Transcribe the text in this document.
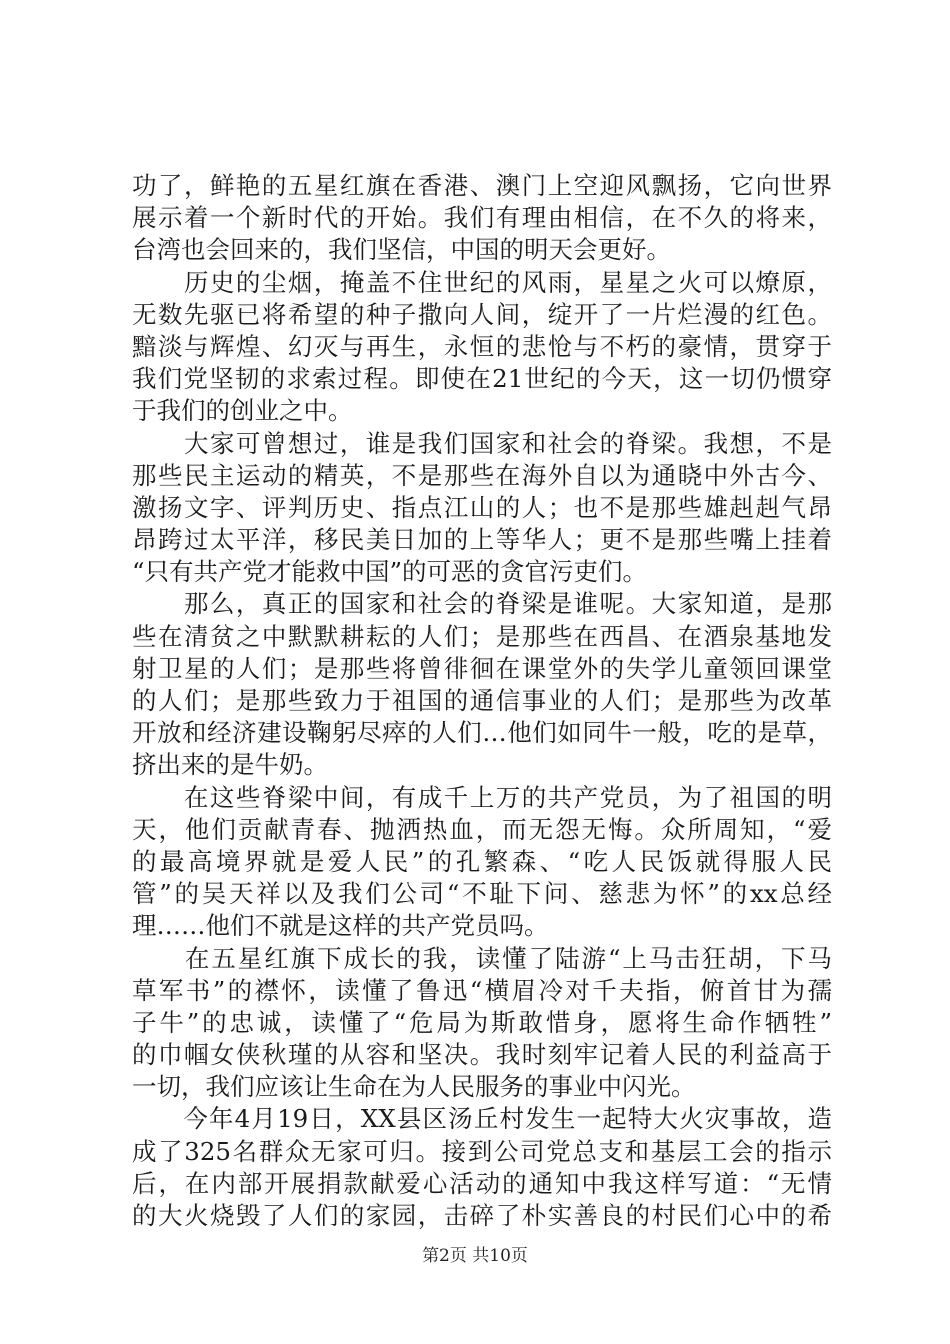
功了，鲜艳的五星红旗在香港、澳门上空迎风飘扬，它向世界
展示着一个新时代的开始。我们有理由相信，在不久的将来，
台湾也会回来的，我们坚信，中国的明天会更好。
　　历史的尘烟，掩盖不住世纪的风雨，星星之火可以燎原，
无数先驱已将希望的种子撒向人间，绽开了一片烂漫的红色。
黯淡与辉煌、幻灭与再生，永恒的悲怆与不朽的豪情，贯穿于
我们党坚韧的求索过程。即使在21世纪的今天，这一切仍惯穿
于我们的创业之中。
　　大家可曾想过，谁是我们国家和社会的脊梁。我想，不是
那些民主运动的精英，不是那些在海外自以为通晓中外古今、
激扬文字、评判历史、指点江山的人；也不是那些雄赳赳气昂
昂跨过太平洋，移民美日加的上等华人；更不是那些嘴上挂着
“只有共产党才能救中国”的可恶的贪官污吏们。
　　那么，真正的国家和社会的脊梁是谁呢。大家知道，是那
些在清贫之中默默耕耘的人们；是那些在西昌、在酒泉基地发
射卫星的人们；是那些将曾徘徊在课堂外的失学儿童领回课堂
的人们；是那些致力于祖国的通信事业的人们；是那些为改革
开放和经济建设鞠躬尽瘁的人们…他们如同牛一般，吃的是草，
挤出来的是牛奶。
　　在这些脊梁中间，有成千上万的共产党员，为了祖国的明
天，他们贡献青春、抛洒热血，而无怨无悔。众所周知，“爱
的最高境界就是爱人民”的孔繁森、“吃人民饭就得服人民
管”的吴天祥以及我们公司“不耻下问、慈悲为怀”的xx总经
理……他们不就是这样的共产党员吗。
　　在五星红旗下成长的我，读懂了陆游“上马击狂胡，下马
草军书”的襟怀，读懂了鲁迅“横眉冷对千夫指，俯首甘为孺
子牛”的忠诚，读懂了“危局为斯敢惜身，愿将生命作牺牲”
的巾帼女侠秋瑾的从容和坚决。我时刻牢记着人民的利益高于
一切，我们应该让生命在为人民服务的事业中闪光。
　　今年4月19日，XX县区汤丘村发生一起特大火灾事故，造
成了325名群众无家可归。接到公司党总支和基层工会的指示
后，在内部开展捐款献爱心活动的通知中我这样写道：“无情
的大火烧毁了人们的家园，击碎了朴实善良的村民们心中的希
第2页 共10页
